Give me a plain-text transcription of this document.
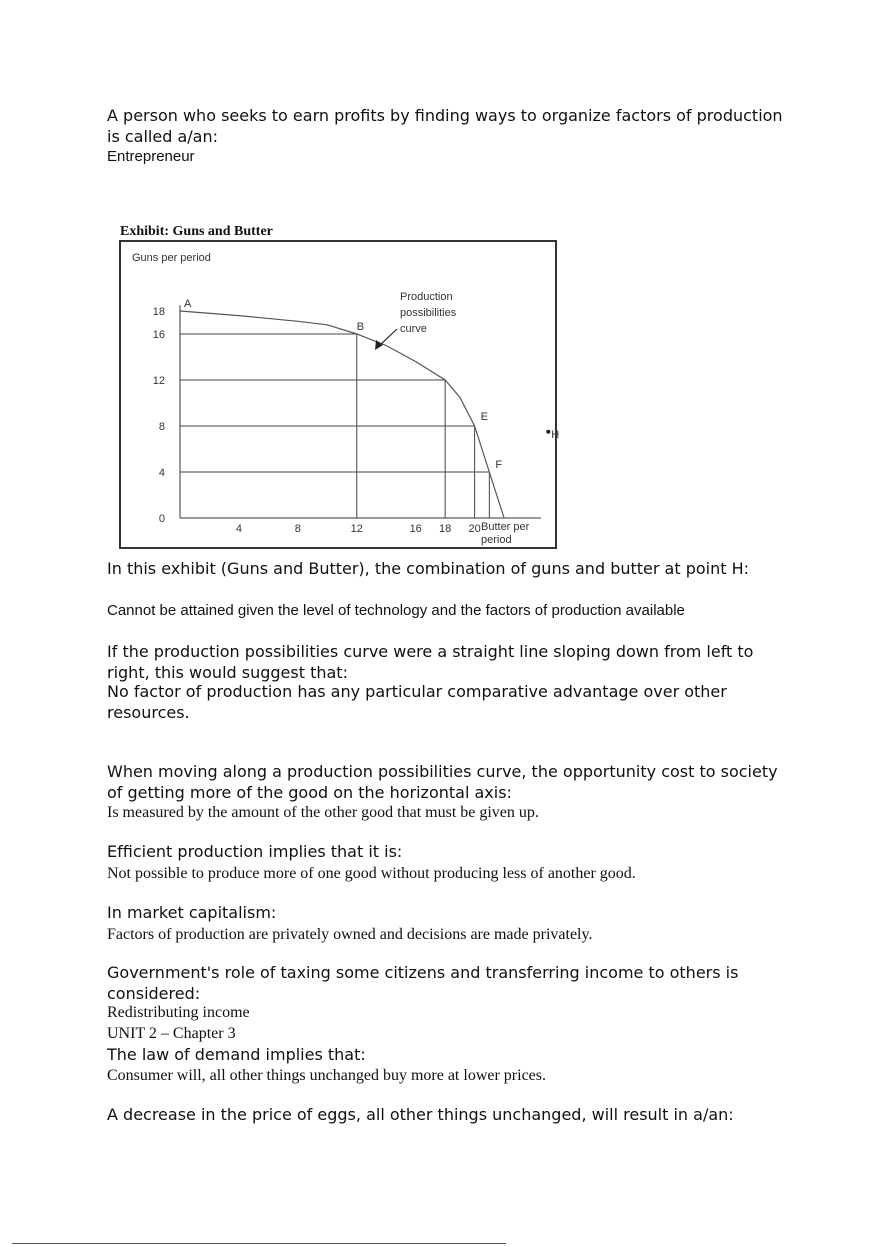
A person who seeks to earn profits by finding ways to organize factors of production is called a/an:

Entrepreneur

Exhibit: Guns and Butter
Guns per period
Butter per period
0
4
8
12
16
18
4	8	12	16 18 20
A
B
E
F
H
Production
possibilities
curve

In this exhibit (Guns and Butter), the combination of guns and butter at point H:

Cannot be attained given the level of technology and the factors of production available

If the production possibilities curve were a straight line sloping down from left to right, this would suggest that:

No factor of production has any particular comparative advantage over other resources.

When moving along a production possibilities curve, the opportunity cost to society of getting more of the good on the horizontal axis:

Is measured by the amount of the other good that must be given up.

Efﬁcient production implies that it is:

Not possible to produce more of one good without producing less of another good.

In market capitalism:

Factors of production are privately owned and decisions are made privately.

Government's role of taxing some citizens and transferring income to others is considered:

Redistributing income

UNIT 2 – Chapter 3

The law of demand implies that:

Consumer will, all other things unchanged buy more at lower prices.

A decrease in the price of eggs, all other things unchanged, will result in a/an:
